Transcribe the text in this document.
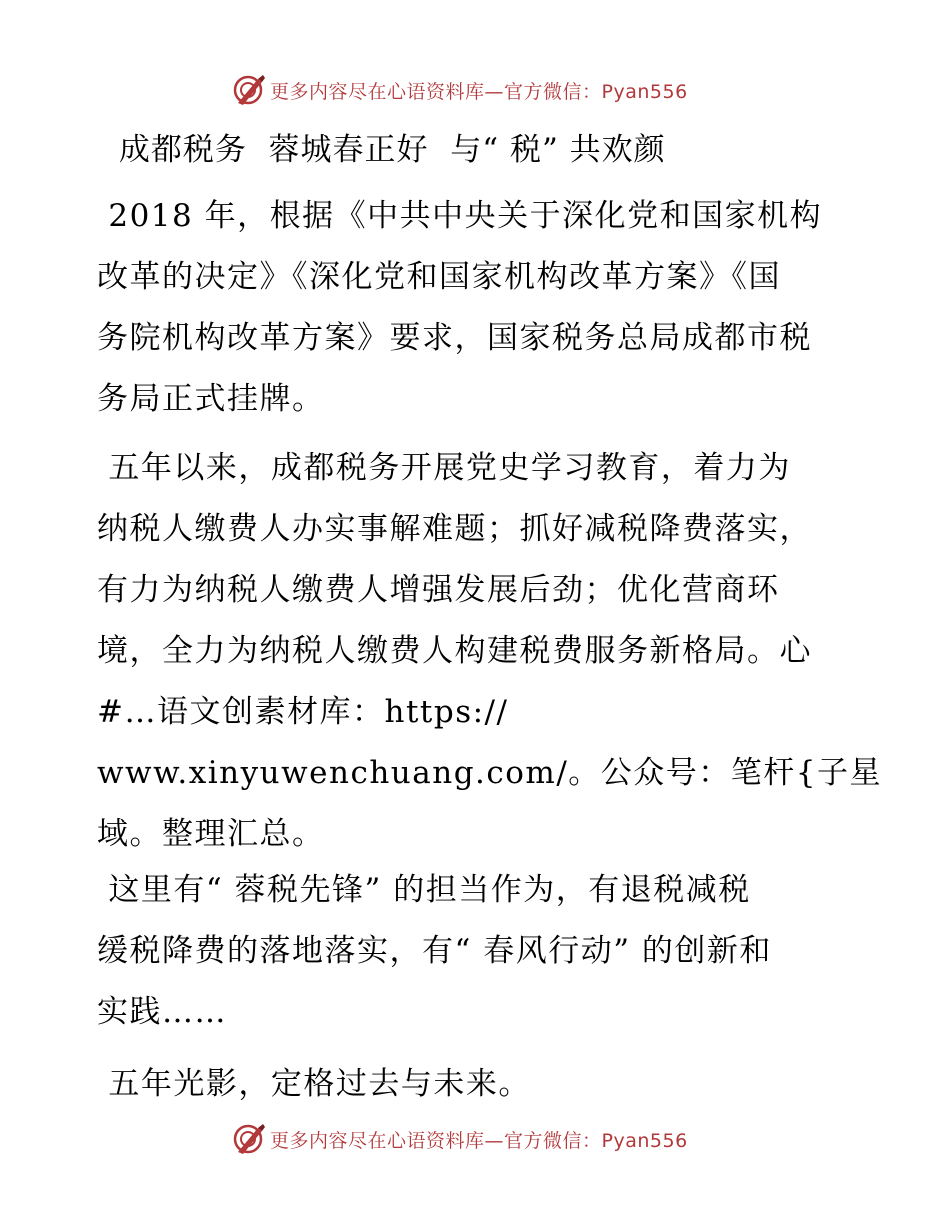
更多内容尽在心语资料库—官方微信：Pyan556
成都税务  蓉城春正好  与“ 税” 共欢颜
2018 年，根据《中共中央关于深化党和国家机构
改革的决定》《深化党和国家机构改革方案》《国
务院机构改革方案》要求，国家税务总局成都市税
务局正式挂牌。
五年以来，成都税务开展党史学习教育，着力为
纳税人缴费人办实事解难题；抓好减税降费落实，
有力为纳税人缴费人增强发展后劲；优化营商环
境，全力为纳税人缴费人构建税费服务新格局。心
#…语文创素材库：https://
www.xinyuwenchuang.com/。公众号：笔杆{子星
域。整理汇总。
这里有“ 蓉税先锋” 的担当作为，有退税减税
缓税降费的落地落实，有“ 春风行动” 的创新和
实践……
五年光影，定格过去与未来。
更多内容尽在心语资料库—官方微信：Pyan556
